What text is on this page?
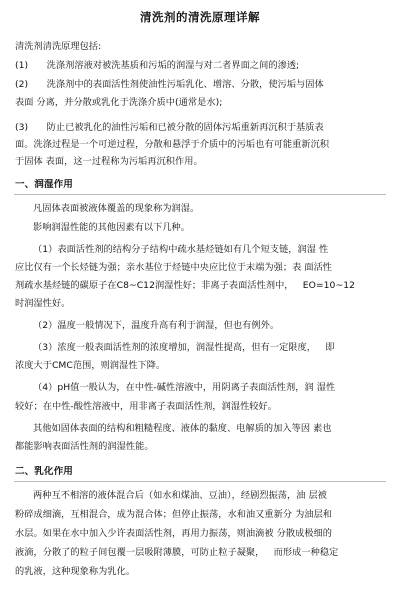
清洗剂的清洗原理详解
清洗剂清洗原理包括:
(1)  洗涤剂溶液对被洗基质和污垢的润湿与对二者界面之间的渗透;
(2)  洗涤剂中的表面活性剂使油性污垢乳化、增溶、分散，使污垢与固体
表面 分离，并分散或乳化于洗涤介质中(通常是水);
(3)  防止已被乳化的油性污垢和已被分散的固体污垢重新再沉积于基质表
面。洗涤过程是一个可逆过程，分散和悬浮于介质中的污垢也有可能重新沉积
于固体 表面，这一过程称为污垢再沉积作用。
一、润湿作用
凡固体表面被液体覆盖的现象称为润湿。
影响润湿性能的其他因素有以下几种。
（1）表面活性剂的结构分子结构中疏水基烃链如有几个短支链，润湿 性
应比仅有一个长烃链为强；亲水基位于烃链中央应比位于末端为强；表 面活性
剂疏水基烃链的碳原子在C8~C12润湿性好；非离子表面活性剂中， EO=10~12
时润湿性好。
（2）温度一般情况下，温度升高有利于润湿，但也有例外。
（3）浓度一般表面活性剂的浓度增加，润湿性提高，但有一定限度， 即
浓度大于CMC范围，则润湿性下降。
（4）pH值一般认为，在中性-碱性溶液中，用阴离子表面活性剂，润 湿性
较好；在中性-酸性溶液中，用非离子表面活性剂，润湿性较好。
其他如固体表面的结构和粗糙程度、液体的黏度、电解质的加入等因 素也
都能影响表面活性剂的润湿性能。
二、乳化作用
两种互不相溶的液体混合后（如水和煤油、豆油），经剧烈振荡，油 层被
粉碎成细滴，互相混合，成为混合体；但停止振荡，水和油又重新分 为油层和
水层。如果在水中加入少许表面活性剂，再用力振荡，则油滴被 分散成极细的
液滴，分散了的粒子间包覆一层吸附薄膜，可防止粒子凝聚， 而形成一种稳定
的乳液，这种现象称为乳化。
